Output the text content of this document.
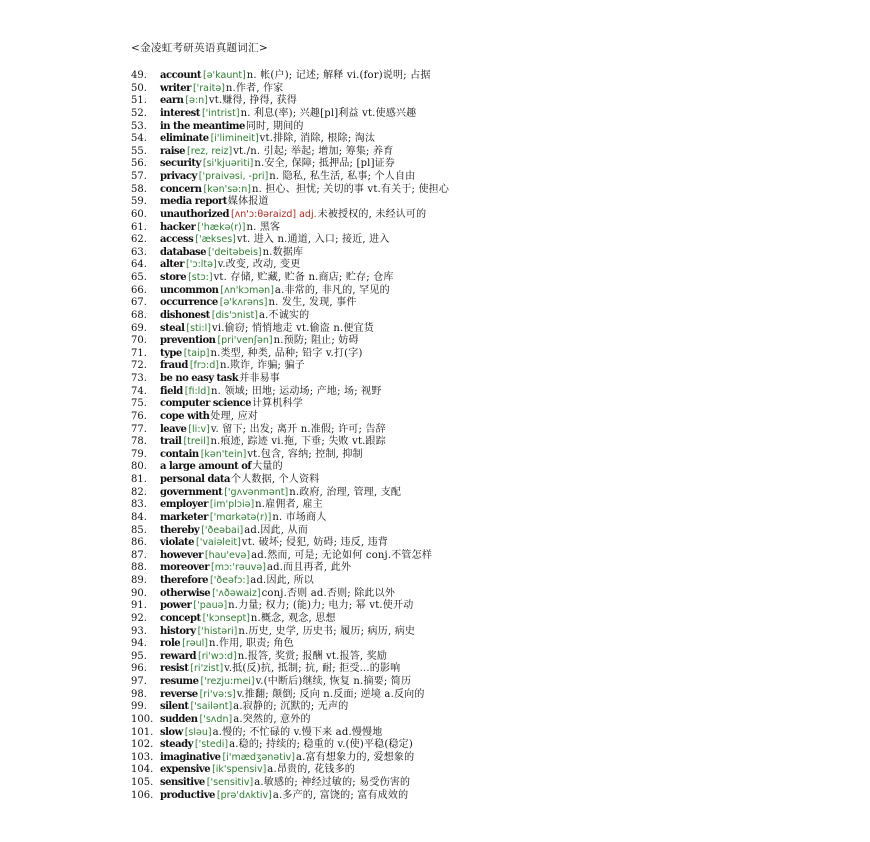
<金凌虹考研英语真题词汇>
49. account [ə'kaunt]n. 帐(户); 记述; 解释 vi.(for)说明; 占据
50. writer ['raitə]n.作者, 作家
51. earn [ə:n]vt.赚得, 挣得, 获得
52. interest ['intrist]n. 利息(率); 兴趣[pl]利益 vt.使感兴趣
53. in the meantime同时, 期间的
54. eliminate [i'limineit]vt.排除, 消除, 根除; 淘汰
55. raise [rez, reiz]vt./n. 引起; 举起; 增加; 筹集; 养育
56. security [si'kjuəriti]n.安全, 保障; 抵押品; [pl]证券
57. privacy ['praivəsi, -pri]n. 隐私, 私生活, 私事; 个人自由
58. concern [kən'sə:n]n. 担心、担忧; 关切的事 vt.有关于; 使担心
59. media report媒体报道
60. unauthorized [ʌn'ɔ:θəraizd] adj.未被授权的, 未经认可的
61. hacker ['hækə(r)]n. 黑客
62. access ['ækses]vt. 进入 n.通道, 入口; 接近, 进入
63. database ['deitəbeis]n.数据库
64. alter ['ɔ:ltə]v.改变, 改动, 变更
65. store [stɔ:]vt. 存储, 贮藏, 贮备 n.商店; 贮存; 仓库
66. uncommon [ʌn'kɔmən]a.非常的, 非凡的, 罕见的
67. occurrence [ə'kʌrəns]n. 发生, 发现, 事件
68. dishonest [dis'ɔnist]a.不诚实的
69. steal [sti:l]vi.偷窃; 悄悄地走 vt.偷盗 n.便宜货
70. prevention [pri'venʃən]n.预防; 阻止; 妨碍
71. type [taip]n.类型, 种类, 品种; 铅字 v.打(字)
72. fraud [frɔ:d]n.欺诈, 诈骗; 骗子
73. be no easy task并非易事
74. field [fi:ld]n. 领域; 田地; 运动场; 产地; 场; 视野
75. computer science计算机科学
76. cope with处理, 应对
77. leave [li:v]v. 留下; 出发; 离开 n.准假; 许可; 告辞
78. trail [treil]n.痕迹, 踪迹 vi.拖, 下垂; 失败 vt.跟踪
79. contain [kən'tein]vt.包含, 容纳; 控制, 抑制
80. a large amount of大量的
81. personal data个人数据, 个人资料
82. government ['gʌvənmənt]n.政府, 治理, 管理, 支配
83. employer [im'plɔiə]n.雇佣者, 雇主
84. marketer ['mɑrkətə(r)]n. 市场商人
85. thereby ['ðeəbai]ad.因此, 从而
86. violate ['vaiəleit]vt. 破坏; 侵犯, 妨碍; 违反, 违背
87. however [hau'evə]ad.然而, 可是; 无论如何 conj.不管怎样
88. moreover [mɔ:'rəuvə]ad.而且再者, 此外
89. therefore ['ðeəfɔ:]ad.因此, 所以
90. otherwise ['ʌðəwaiz]conj.否则 ad.否则; 除此以外
91. power ['pauə]n.力量; 权力; (能)力; 电力; 幂 vt.使开动
92. concept ['kɔnsept]n.概念, 观念, 思想
93. history ['histəri]n.历史, 史学, 历史书; 履历; 病历, 病史
94. role [rəul]n.作用, 职责; 角色
95. reward [ri'wɔ:d]n.报答, 奖赏; 报酬 vt.报答, 奖励
96. resist [ri'zist]v.抵(反)抗, 抵制; 抗, 耐; 拒受...的影响
97. resume ['rezju:mei]v.(中断后)继续, 恢复 n.摘要; 简历
98. reverse [ri'və:s]v.推翻; 颠倒; 反向 n.反面; 逆境 a.反向的
99. silent ['sailənt]a.寂静的; 沉默的; 无声的
100. sudden ['sʌdn]a.突然的, 意外的
101. slow [sləu]a.慢的; 不忙碌的 v.慢下来 ad.慢慢地
102. steady ['stedi]a.稳的; 持续的; 稳重的 v.(使)平稳(稳定)
103. imaginative [i'mædʒənətiv]a.富有想象力的, 爱想象的
104. expensive [ik'spensiv]a.昂贵的, 花钱多的
105. sensitive ['sensitiv]a.敏感的; 神经过敏的; 易受伤害的
106. productive [prə'dʌktiv]a.多产的, 富饶的; 富有成效的
